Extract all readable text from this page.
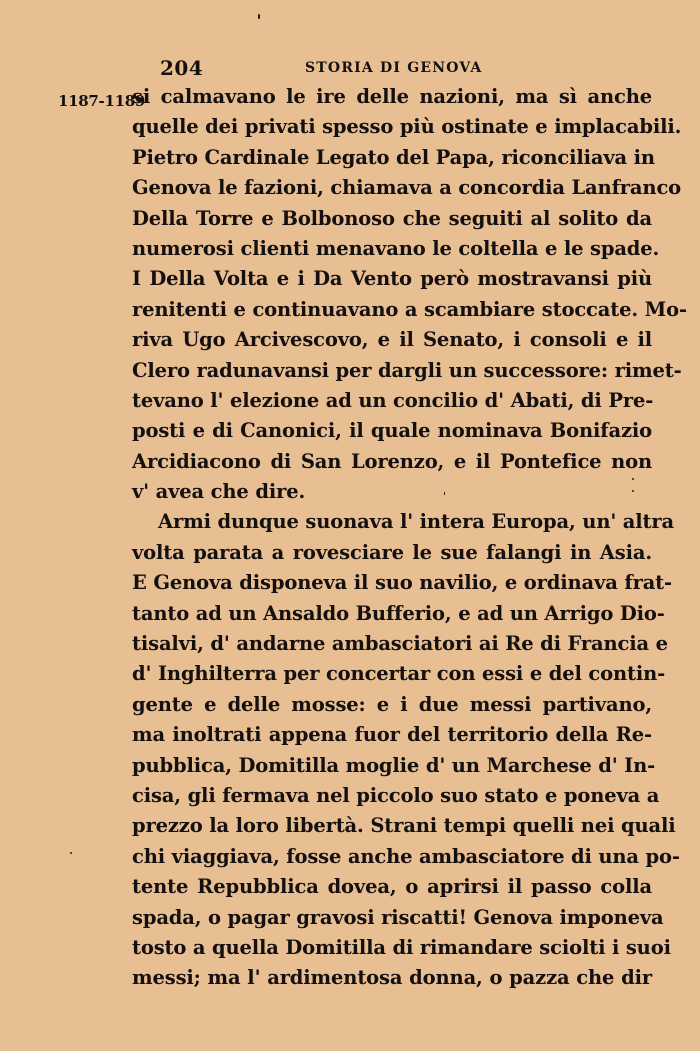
204	STORIA DI GENOVA
1187-1189
si calmavano le ire delle nazioni, ma sì anche
quelle dei privati spesso più ostinate e implacabili.
Pietro Cardinale Legato del Papa, riconciliava in
Genova le fazioni, chiamava a concordia Lanfranco
Della Torre e Bolbonoso che seguiti al solito da
numerosi clienti menavano le coltella e le spade.
I Della Volta e i Da Vento però mostravansi più
renitenti e continuavano a scambiare stoccate. Mo-
riva Ugo Arcivescovo, e il Senato, i consoli e il
Clero radunavansi per dargli un successore: rimet-
tevano l' elezione ad un concilio d' Abati, di Pre-
posti e di Canonici, il quale nominava Bonifazio
Arcidiacono di San Lorenzo, e il Pontefice non
v' avea che dire.
Armi dunque suonava l' intera Europa, un' altra
volta parata a rovesciare le sue falangi in Asia.
E Genova disponeva il suo navilio, e ordinava frat-
tanto ad un Ansaldo Bufferio, e ad un Arrigo Dio-
tisalvi, d' andarne ambasciatori ai Re di Francia e
d' Inghilterra per concertar con essi e del contin-
gente e delle mosse: e i due messi partivano,
ma inoltrati appena fuor del territorio della Re-
pubblica, Domitilla moglie d' un Marchese d' In-
cisa, gli fermava nel piccolo suo stato e poneva a
prezzo la loro libertà. Strani tempi quelli nei quali
chi viaggiava, fosse anche ambasciatore di una po-
tente Repubblica dovea, o aprirsi il passo colla
spada, o pagar gravosi riscatti! Genova imponeva
tosto a quella Domitilla di rimandare sciolti i suoi
messi; ma l' ardimentosa donna, o pazza che dir
